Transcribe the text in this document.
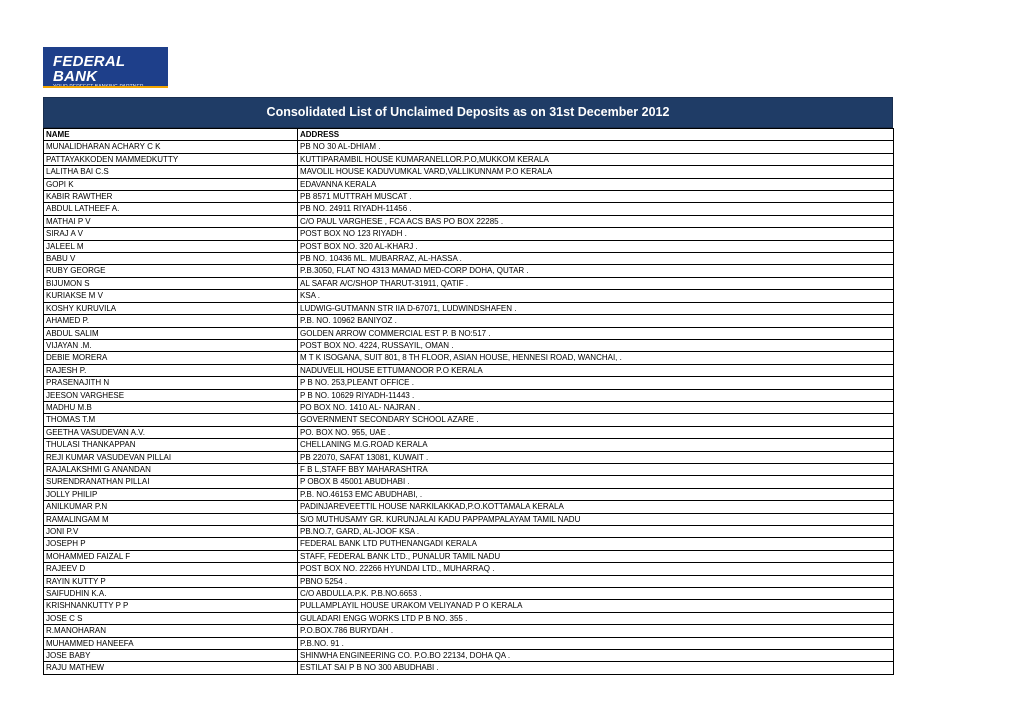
FEDERAL BANK
Consolidated List of Unclaimed Deposits as on 31st December 2012
NAME	ADDRESS
MUNALIDHARAN ACHARY C K	PB NO 30 AL-DHIAM .
PATTAYAKKODEN MAMMEDKUTTY	KUTTIPARAMBIL HOUSE KUMARANELLOR.P.O,MUKKOM KERALA
LALITHA BAI C.S	MAVOLIL HOUSE KADUVUMKAL VARD,VALLIKUNNAM P.O KERALA
GOPI K	EDAVANNA KERALA
KABIR RAWTHER	PB 8571 MUTTRAH MUSCAT .
ABDUL LATHEEF A.	PB NO. 24911 RIYADH-11456 .
MATHAI P V	C/O PAUL VARGHESE , FCA ACS BAS PO BOX 22285 .
SIRAJ A V	POST BOX NO 123 RIYADH .
JALEEL M	POST BOX NO. 320 AL-KHARJ .
BABU V	PB NO. 10436 ML. MUBARRAZ, AL-HASSA .
RUBY GEORGE	P.B.3050, FLAT NO 4313 MAMAD MED-CORP DOHA, QUTAR .
BIJUMON S	AL SAFAR A/C/SHOP THARUT-31911, QATIF .
KURIAKSE M V	KSA .
KOSHY KURUVILA	LUDWIG-GUTMANN STR IIA D-67071, LUDWINDSHAFEN .
AHAMED P.	P.B. NO. 10962 BANIYOZ .
ABDUL SALIM	GOLDEN ARROW COMMERCIAL EST P. B NO:517 .
VIJAYAN .M.	POST BOX NO. 4224, RUSSAYIL, OMAN .
DEBIE MORERA	M T K ISOGANA, SUIT 801, 8 TH FLOOR, ASIAN HOUSE, HENNESI ROAD, WANCHAI, .
RAJESH P.	NADUVELIL HOUSE ETTUMANOOR P.O KERALA
PRASENAJITH N	P B NO. 253,PLEANT OFFICE .
JEESON VARGHESE	P B NO. 10629 RIYADH-11443 .
MADHU M.B	PO BOX NO. 1410 AL- NAJRAN .
THOMAS T.M	GOVERNMENT SECONDARY SCHOOL AZARE .
GEETHA VASUDEVAN A.V.	PO. BOX NO. 955, UAE .
THULASI THANKAPPAN	CHELLANING M.G.ROAD KERALA
REJI KUMAR VASUDEVAN PILLAI	PB 22070, SAFAT 13081, KUWAIT .
RAJALAKSHMI G ANANDAN	F B L,STAFF BBY MAHARASHTRA
SURENDRANATHAN PILLAI	P OBOX B 45001 ABUDHABI .
JOLLY PHILIP	P.B. NO.46153 EMC ABUDHABI, .
ANILKUMAR P.N	PADINJAREVEETTIL HOUSE NARKILAKKAD,P.O.KOTTAMALA KERALA
RAMALINGAM M	S/O MUTHUSAMY GR. KURUNJALAI KADU PAPPAMPALAYAM TAMIL NADU
JONI P.V	PB.NO.7, GARD, AL-JOOF KSA .
JOSEPH P	FEDERAL BANK LTD PUTHENANGADI KERALA
MOHAMMED FAIZAL F	STAFF, FEDERAL BANK LTD., PUNALUR TAMIL NADU
RAJEEV D	POST BOX NO. 22266 HYUNDAI LTD., MUHARRAQ .
RAYIN KUTTY P	PBNO 5254 .
SAIFUDHIN K.A.	C/O ABDULLA.P.K. P.B.NO.6653 .
KRISHNANKUTTY P P	PULLAMPLAYIL HOUSE URAKOM VELIYANAD P O KERALA
JOSE C S	GULADARI ENGG WORKS LTD P B NO. 355 .
R.MANOHARAN	P.O.BOX.786 BURYDAH .
MUHAMMED HANEEFA	P.B.NO. 91 .
JOSE BABY	SHINWHA ENGINEERING CO. P.O.BO 22134, DOHA QA .
RAJU MATHEW	ESTILAT SAI P B NO 300 ABUDHABI .
